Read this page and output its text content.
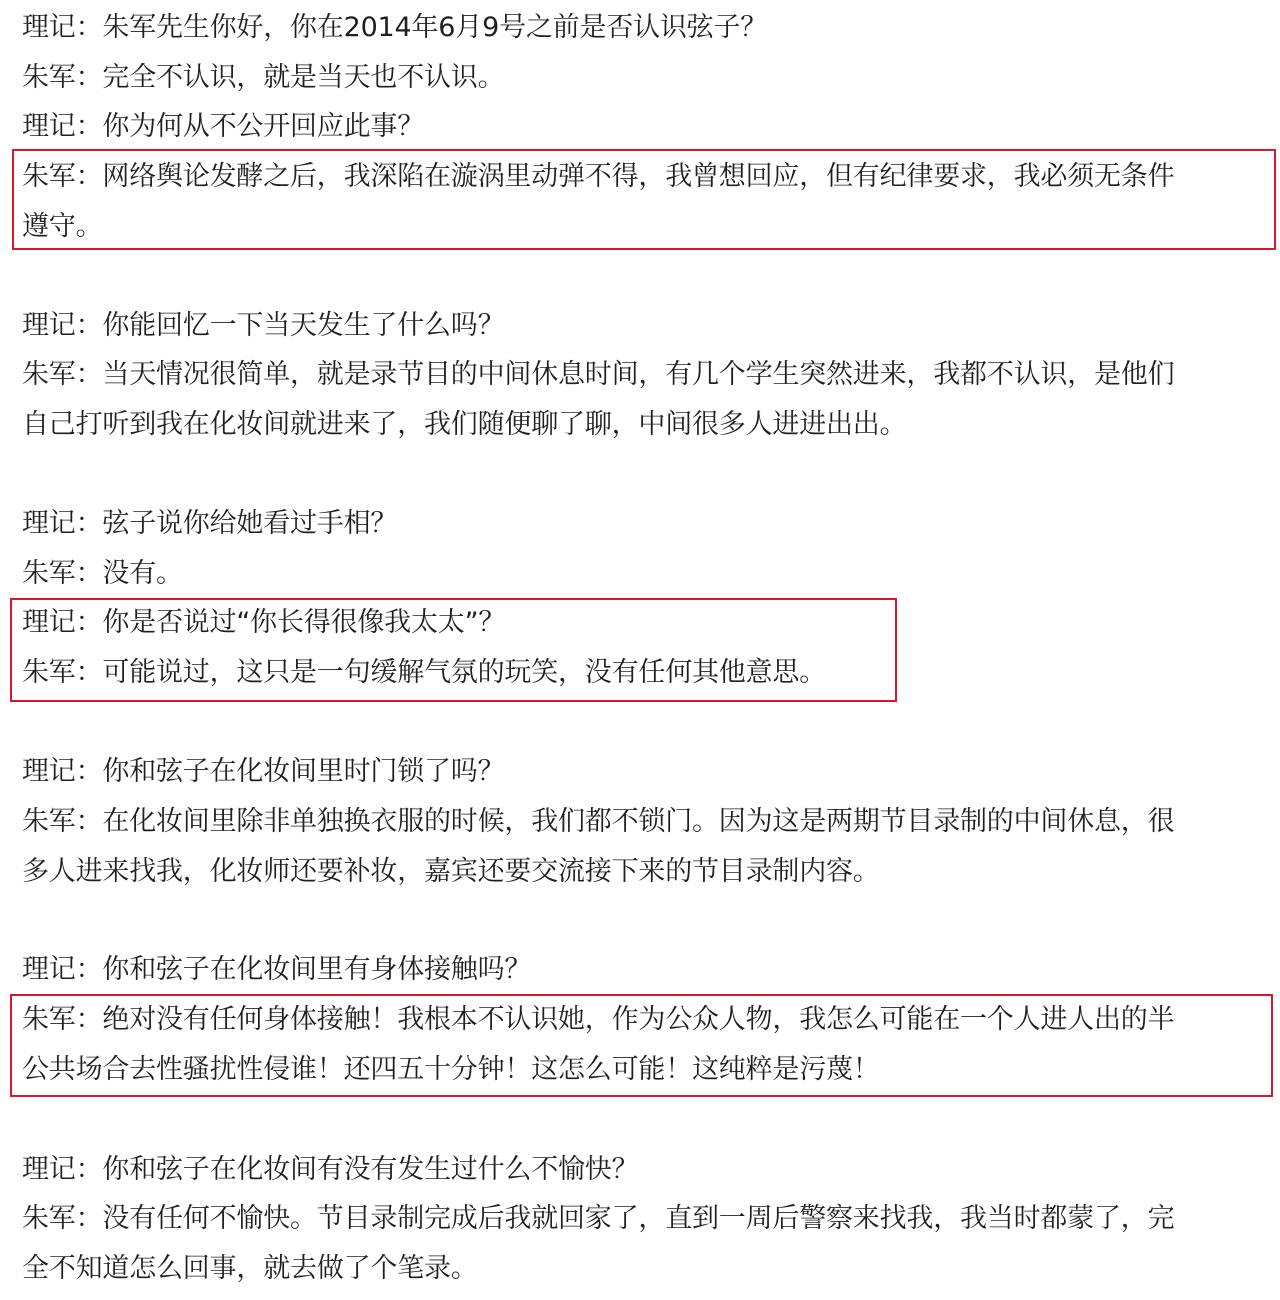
理记：朱军先生你好，你在2014年6月9号之前是否认识弦子？
朱军：完全不认识，就是当天也不认识。
理记：你为何从不公开回应此事？
朱军：网络舆论发酵之后，我深陷在漩涡里动弹不得，我曾想回应，但有纪律要求，我必须无条件
遵守。
理记：你能回忆一下当天发生了什么吗？
朱军：当天情况很简单，就是录节目的中间休息时间，有几个学生突然进来，我都不认识，是他们
自己打听到我在化妆间就进来了，我们随便聊了聊，中间很多人进进出出。
理记：弦子说你给她看过手相？
朱军：没有。
理记：你是否说过“你长得很像我太太”？
朱军：可能说过，这只是一句缓解气氛的玩笑，没有任何其他意思。
理记：你和弦子在化妆间里时门锁了吗？
朱军：在化妆间里除非单独换衣服的时候，我们都不锁门。因为这是两期节目录制的中间休息，很
多人进来找我，化妆师还要补妆，嘉宾还要交流接下来的节目录制内容。
理记：你和弦子在化妆间里有身体接触吗？
朱军：绝对没有任何身体接触！我根本不认识她，作为公众人物，我怎么可能在一个人进人出的半
公共场合去性骚扰性侵谁！还四五十分钟！这怎么可能！这纯粹是污蔑！
理记：你和弦子在化妆间有没有发生过什么不愉快？
朱军：没有任何不愉快。节目录制完成后我就回家了，直到一周后警察来找我，我当时都蒙了，完
全不知道怎么回事，就去做了个笔录。
